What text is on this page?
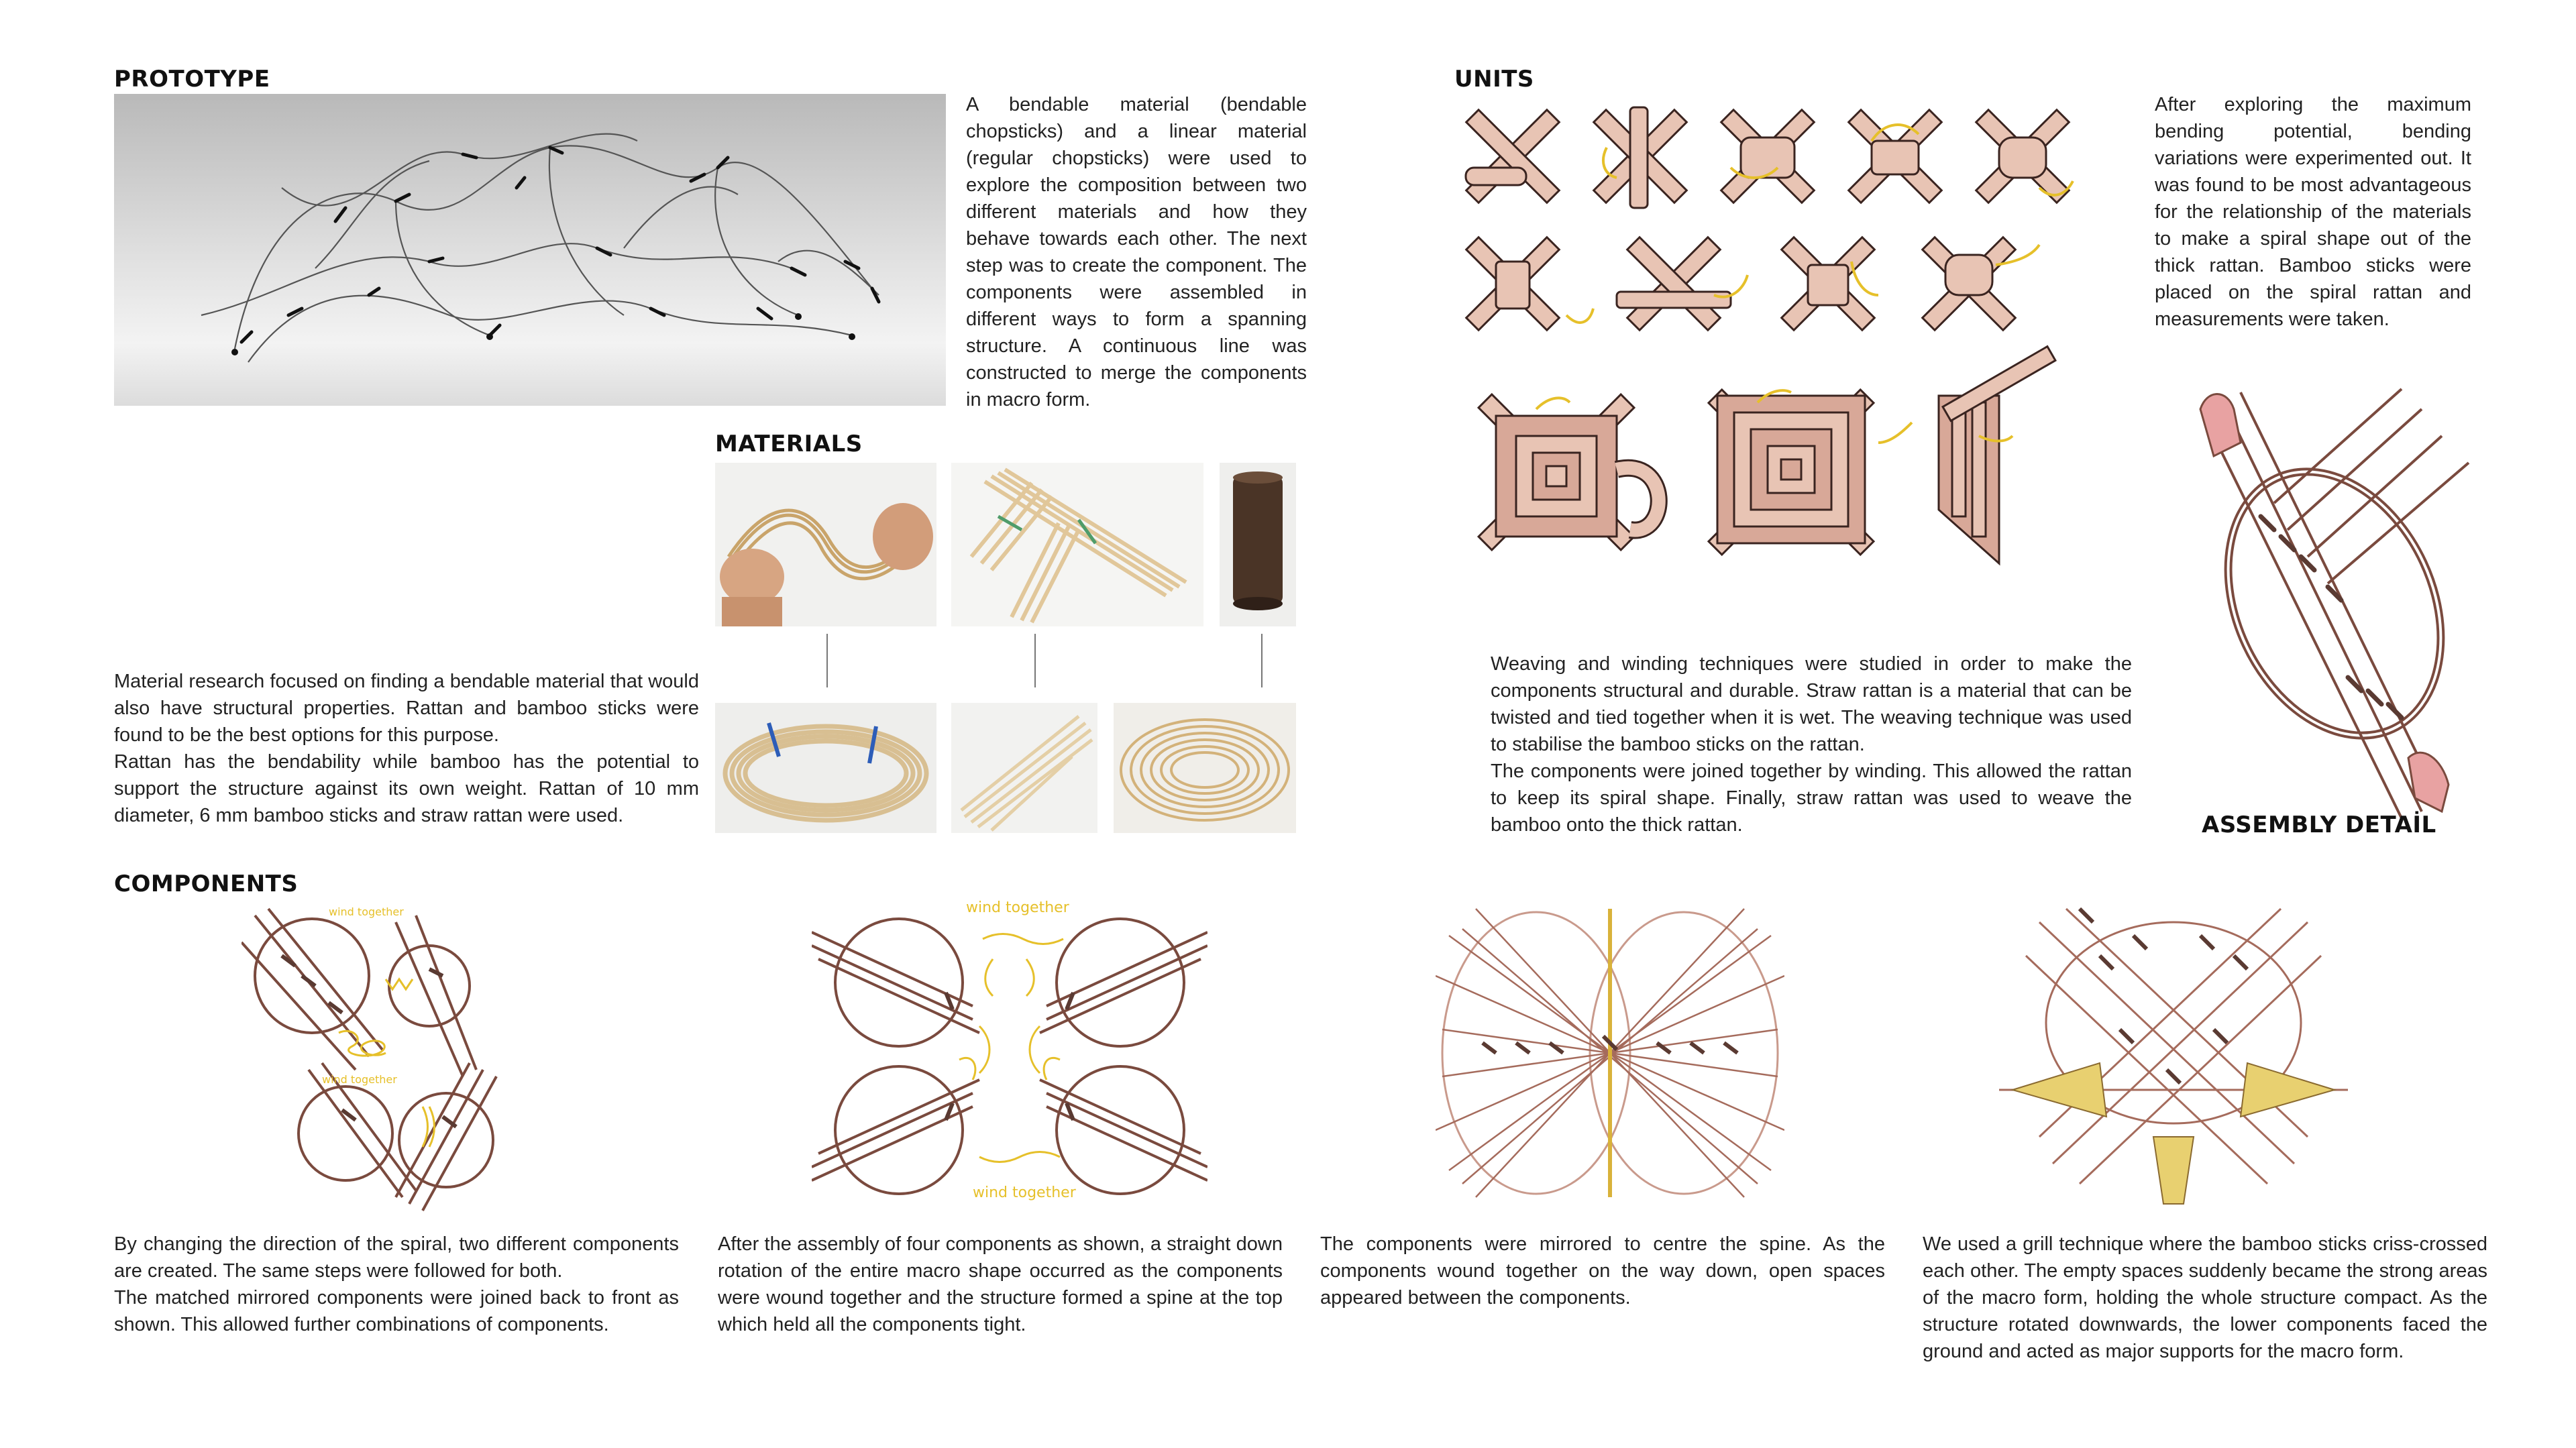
PROTOTYPE

A bendable material (bendable chopsticks) and a linear material (regular chopsticks) were used to explore the composition between two different materials and how they behave towards each other. The next step was to create the component. The components were assembled in different ways to form a spanning structure. A continuous line was constructed to merge the components in macro form.

MATERIALS

Material research focused on finding a bendable material that would also have structural properties. Rattan and bamboo sticks were found to be the best options for this purpose.

Rattan has the bendability while bamboo has the potential to support the structure against its own weight. Rattan of 10 mm diameter, 6 mm bamboo sticks and straw rattan were used.

UNITS

After exploring the maximum bending potential, bending variations were experimented out. It was found to be most advantageous for the relationship of the materials to make a spiral shape out of the thick rattan. Bamboo sticks were placed on the spiral rattan and measurements were taken.

ASSEMBLY DETAİL

Weaving and winding techniques were studied in order to make the components structural and durable. Straw rattan is a material that can be twisted and tied together when it is wet. The weaving technique was used to stabilise the bamboo sticks on the rattan.

The components were joined together by winding. This allowed the rattan to keep its spiral shape. Finally, straw rattan was used to weave the bamboo onto the thick rattan.

COMPONENTS
wind together
wind together
wind together
wind together

By changing the direction of the spiral, two different components are created. The same steps were followed for both.

The matched mirrored components were joined back to front as shown. This allowed further combinations of components.

After the assembly of four components as shown, a straight down rotation of the entire macro shape occurred as the components were wound together and the structure formed a spine at the top which held all the components tight.

The components were mirrored to centre the spine. As the components wound together on the way down, open spaces appeared between the components.

We used a grill technique where the bamboo sticks criss-crossed each other. The empty spaces suddenly became the strong areas of the macro form, holding the whole structure compact. As the structure rotated downwards, the lower components faced the ground and acted as major supports for the macro form.
